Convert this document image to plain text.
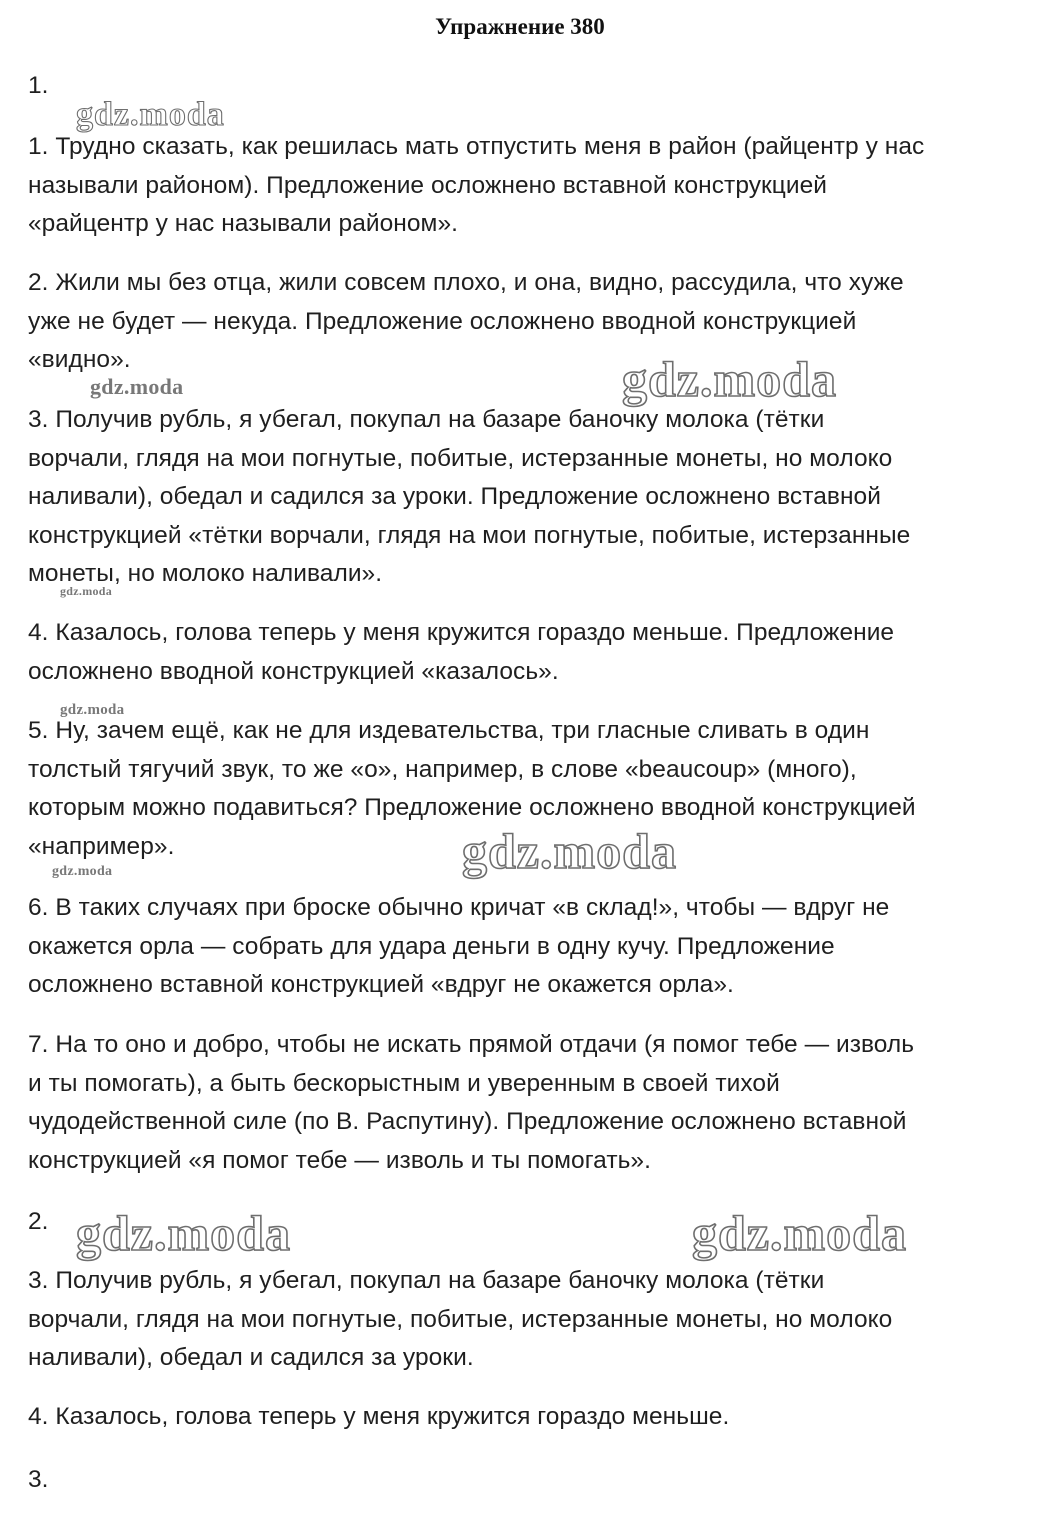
Упражнение 380
1.
1. Трудно сказать, как решилась мать отпустить меня в район (райцентр у нас
называли районом). Предложение осложнено вставной конструкцией
«райцентр у нас называли районом».
2. Жили мы без отца, жили совсем плохо, и она, видно, рассудила, что хуже
уже не будет — некуда. Предложение осложнено вводной конструкцией
«видно».
3. Получив рубль, я убегал, покупал на базаре баночку молока (тётки
ворчали, глядя на мои погнутые, побитые, истерзанные монеты, но молоко
наливали), обедал и садился за уроки. Предложение осложнено вставной
конструкцией «тётки ворчали, глядя на мои погнутые, побитые, истерзанные
монеты, но молоко наливали».
4. Казалось, голова теперь у меня кружится гораздо меньше. Предложение
осложнено вводной конструкцией «казалось».
5. Ну, зачем ещё, как не для издевательства, три гласные сливать в один
толстый тягучий звук, то же «о», например, в слове «beaucoup» (много),
которым можно подавиться? Предложение осложнено вводной конструкцией
«например».
6. В таких случаях при броске обычно кричат «в склад!», чтобы — вдруг не
окажется орла — собрать для удара деньги в одну кучу. Предложение
осложнено вставной конструкцией «вдруг не окажется орла».
7. На то оно и добро, чтобы не искать прямой отдачи (я помог тебе — изволь
и ты помогать), а быть бескорыстным и уверенным в своей тихой
чудодейственной силе (по В. Распутину). Предложение осложнено вставной
конструкцией «я помог тебе — изволь и ты помогать».
2.
3. Получив рубль, я убегал, покупал на базаре баночку молока (тётки
ворчали, глядя на мои погнутые, побитые, истерзанные монеты, но молоко
наливали), обедал и садился за уроки.
4. Казалось, голова теперь у меня кружится гораздо меньше.
3.
gdz.moda
gdz.moda	gdz.moda
gdz.moda
gdz.moda
gdz.moda
gdz.moda
gdz.moda	gdz.moda
